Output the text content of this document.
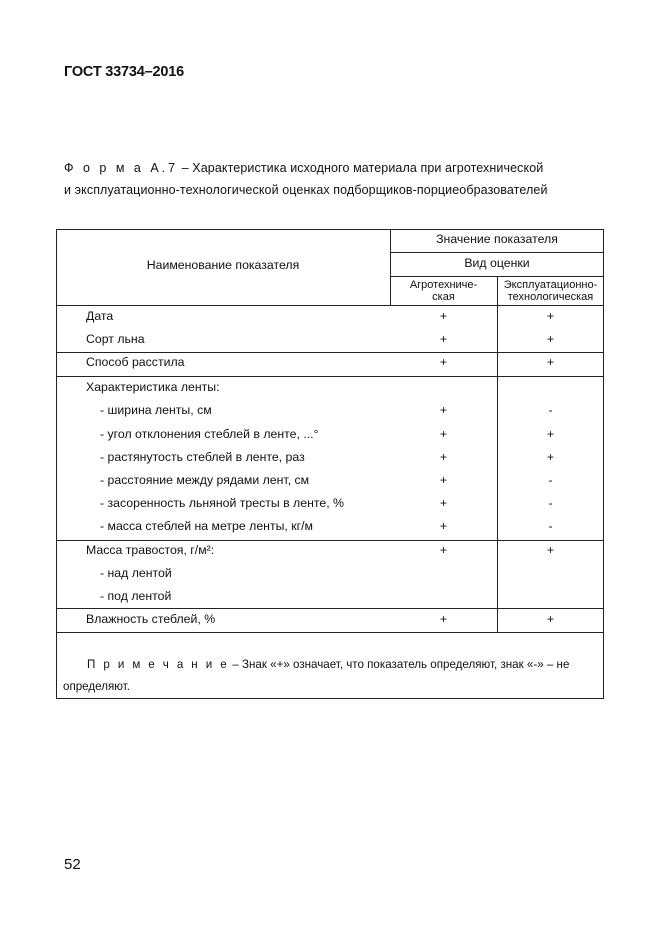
ГОСТ 33734–2016
Ф о р м а А.7 – Характеристика исходного материала при агротехнической
и эксплуатационно-технологической оценках подборщиков-порциеобразователей
Наименование показателя
Значение показателя
Вид оценки
Агротехниче-
ская
Эксплуатационно-
технологическая
Дата	+	+
Сорт льна	+	+
Способ расстила	+	+
Характеристика ленты:
- ширина ленты, см	+	-
- угол отклонения стеблей в ленте, ...°	+	+
- растянутость стеблей в ленте, раз	+	+
- расстояние между рядами лент, см	+	-
- засоренность льняной тресты в ленте, %	+	-
- масса стеблей на метре ленты, кг/м	+	-
Масса травостоя, г/м²:	+	+
- над лентой
- под лентой
Влажность стеблей, %	+	+
П р и м е ч а н и е – Знак «+» означает, что показатель определяют, знак «-» – не определяют.
52
